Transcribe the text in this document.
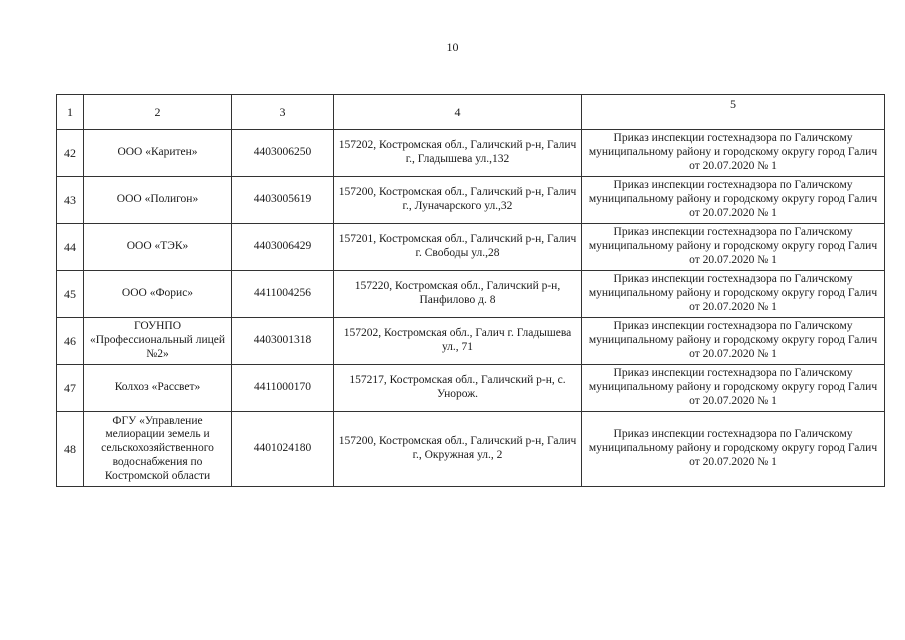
10
1	2	3	4	5
42	ООО «Каритен»	4403006250	157202, Костромская обл., Галичский р-н, Галич г., Гладышева ул.,132	Приказ инспекции гостехнадзора по Галичскому муниципальному району и городскому округу город Галич от 20.07.2020 № 1
43	ООО «Полигон»	4403005619	157200, Костромская обл., Галичский р-н, Галич г., Луначарского ул.,32	Приказ инспекции гостехнадзора по Галичскому муниципальному району и городскому округу город Галич от 20.07.2020 № 1
44	ООО «ТЭК»	4403006429	157201, Костромская обл., Галичский р-н, Галич г. Свободы ул.,28	Приказ инспекции гостехнадзора по Галичскому муниципальному району и городскому округу город Галич от 20.07.2020 № 1
45	ООО «Форис»	4411004256	157220, Костромская обл., Галичский р-н, Панфилово д. 8	Приказ инспекции гостехнадзора по Галичскому муниципальному району и городскому округу город Галич от 20.07.2020 № 1
46	ГОУНПО «Профессиональный лицей №2»	4403001318	157202, Костромская обл., Галич г. Гладышева ул., 71	Приказ инспекции гостехнадзора по Галичскому муниципальному району и городскому округу город Галич от 20.07.2020 № 1
47	Колхоз «Рассвет»	4411000170	157217, Костромская обл., Галичский р-н, с. Унорож.	Приказ инспекции гостехнадзора по Галичскому муниципальному району и городскому округу город Галич от 20.07.2020 № 1
48	ФГУ «Управление мелиорации земель и сельскохозяйственного водоснабжения по Костромской области	4401024180	157200, Костромская обл., Галичский р-н, Галич г., Окружная ул., 2	Приказ инспекции гостехнадзора по Галичскому муниципальному району и городскому округу город Галич от 20.07.2020 № 1
